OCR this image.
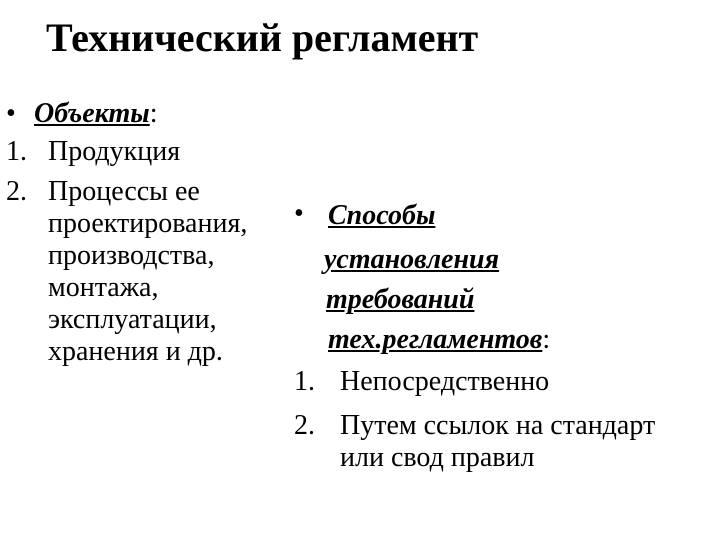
Технический регламент
• Объекты:
1. Продукция
2. Процессы ее
проектирования,
производства,
монтажа,
эксплуатации,
хранения и др.
• Способы
установления
требований
тех.регламентов:
1. Непосредственно
2. Путем ссылок на стандарт
или свод правил
